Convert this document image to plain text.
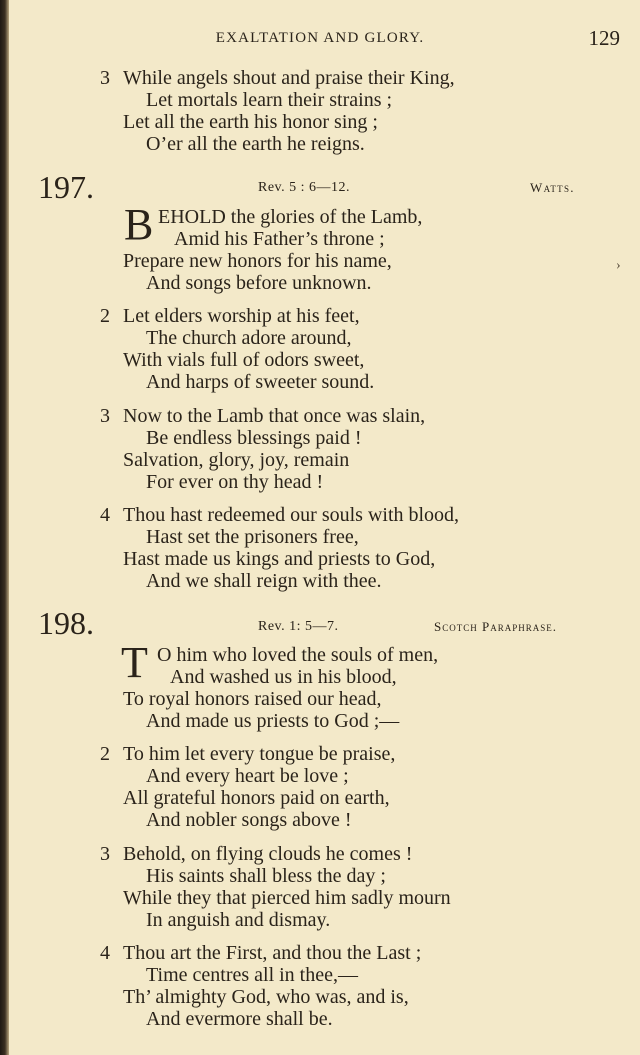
EXALTATION AND GLORY.	129
3 While angels shout and praise their King,
Let mortals learn their strains ;
Let all the earth his honor sing ;
O’er all the earth he reigns.
197.	Rev. 5 : 6—12.	Watts.
B EHOLD the glories of the Lamb,
Amid his Father’s throne ;
Prepare new honors for his name,
And songs before unknown.
›
2 Let elders worship at his feet,
The church adore around,
With vials full of odors sweet,
And harps of sweeter sound.
3 Now to the Lamb that once was slain,
Be endless blessings paid !
Salvation, glory, joy, remain
For ever on thy head !
4 Thou hast redeemed our souls with blood,
Hast set the prisoners free,
Hast made us kings and priests to God,
And we shall reign with thee.
198.	Rev. 1: 5—7.	Scotch Paraphrase.
T O him who loved the souls of men,
And washed us in his blood,
To royal honors raised our head,
And made us priests to God ;—
2 To him let every tongue be praise,
And every heart be love ;
All grateful honors paid on earth,
And nobler songs above !
3 Behold, on flying clouds he comes !
His saints shall bless the day ;
While they that pierced him sadly mourn
In anguish and dismay.
4 Thou art the First, and thou the Last ;
Time centres all in thee,—
Th’ almighty God, who was, and is,
And evermore shall be.
